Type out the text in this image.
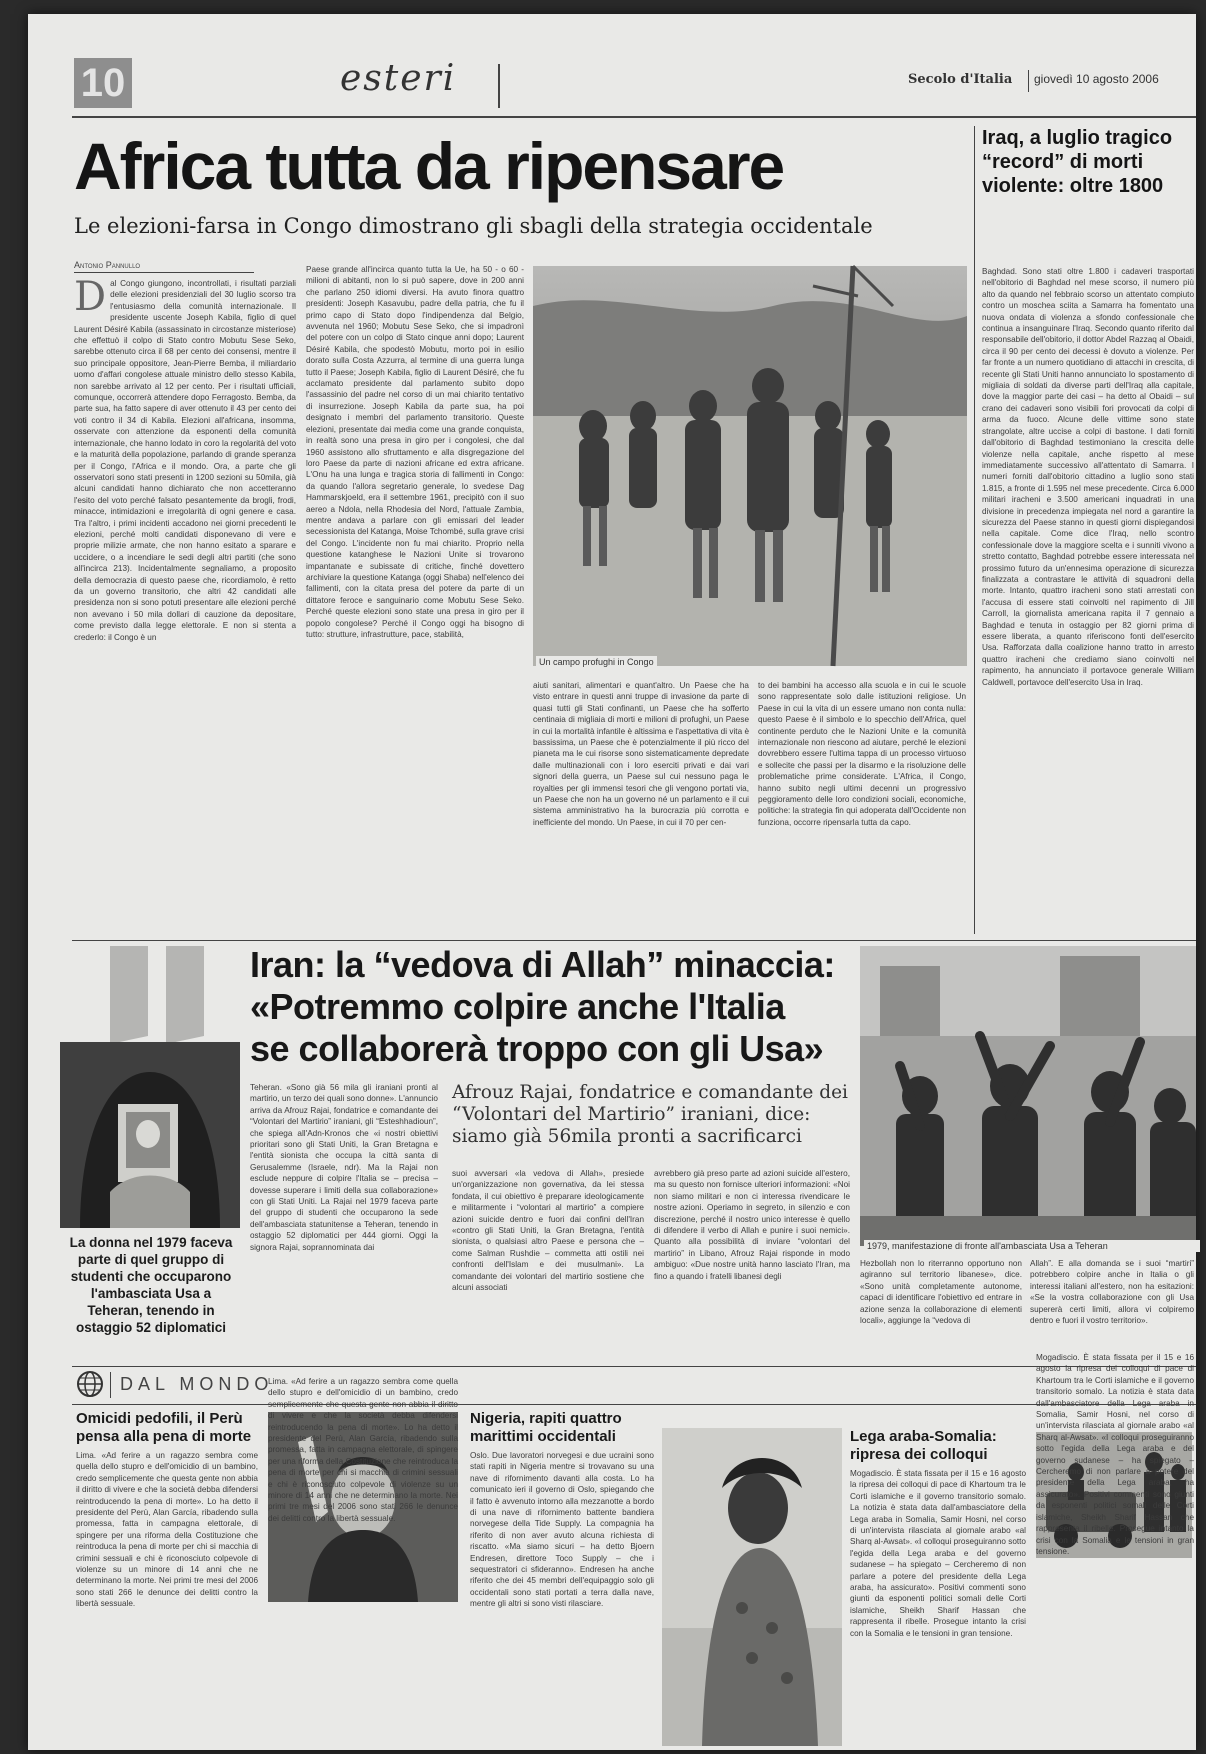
10	esteri	Secolo d'Italia giovedì 10 agosto 2006
Africa tutta da ripensare
Le elezioni-farsa in Congo dimostrano gli sbagli della strategia occidentale
Antonio Pannullo

Dal Congo giungono, incontrollati, i risultati parziali delle elezioni presidenziali del 30 luglio scorso tra l'entusiasmo della comunità internazionale. Il presidente uscente Joseph Kabila, figlio di quel Laurent Désiré Kabila (assassinato in circostanze misteriose) che effettuò il colpo di Stato contro Mobutu Sese Seko, sarebbe ottenuto circa il 68 per cento dei consensi, mentre il suo principale oppositore, Jean-Pierre Bemba, il miliardario uomo d'affari congolese attuale ministro dello stesso Kabila, non sarebbe arrivato al 12 per cento. Per i risultati ufficiali, comunque, occorrerà attendere dopo Ferragosto. Bemba, da parte sua, ha fatto sapere di aver ottenuto il 43 per cento dei voti contro il 34 di Kabila. Elezioni all'africana, insomma, osservate con attenzione da esponenti della comunità internazionale, che hanno lodato in coro la regolarità del voto e la maturità della popolazione, parlando di grande speranza per il Congo, l'Africa e il mondo. Ora, a parte che gli osservatori sono stati presenti in 1200 sezioni su 50mila, già alcuni candidati hanno dichiarato che non accetteranno l'esito del voto perché falsato pesantemente da brogli, frodi, minacce, intimidazioni e irregolarità di ogni genere e casa. Tra l'altro, i primi incidenti accadono nei giorni precedenti le elezioni, perché molti candidati disponevano di vere e proprie milizie armate, che non hanno esitato a sparare e uccidere, o a incendiare le sedi degli altri partiti (che sono all'incirca 213). Incidentalmente segnaliamo, a proposito della democrazia di questo paese che, ricordiamolo, è retto da un governo transitorio, che altri 42 candidati alle presidenza non si sono potuti presentare alle elezioni perché non avevano i 50 mila dollari di cauzione da depositare, come previsto dalla legge elettorale. E non si stenta a crederlo: il Congo è un

Paese grande all'incirca quanto tutta la Ue, ha 50 - o 60 - milioni di abitanti, non lo si può sapere, dove in 200 anni che parlano 250 idiomi diversi. Ha avuto finora quattro presidenti: Joseph Kasavubu, padre della patria, che fu il primo capo di Stato dopo l'indipendenza dal Belgio, avvenuta nel 1960; Mobutu Sese Seko, che si impadronì del potere con un colpo di Stato cinque anni dopo; Laurent Désiré Kabila, che spodestò Mobutu, morto poi in esilio dorato sulla Costa Azzurra, al termine di una guerra lunga tutto il Paese; Joseph Kabila, figlio di Laurent Désiré, che fu acclamato presidente dal parlamento subito dopo l'assassinio del padre nel corso di un mai chiarito tentativo di insurrezione. Joseph Kabila da parte sua, ha poi designato i membri del parlamento transitorio. Queste elezioni, presentate dai media come una grande conquista, in realtà sono una presa in giro per i congolesi, che dal 1960 assistono allo sfruttamento e alla disgregazione del loro Paese da parte di nazioni africane ed extra africane. L'Onu ha una lunga e tragica storia di fallimenti in Congo: da quando l'allora segretario generale, lo svedese Dag Hammarskjoeld, era il settembre 1961, precipitò con il suo aereo a Ndola, nella Rhodesia del Nord, l'attuale Zambia, mentre andava a parlare con gli emissari del leader secessionista del Katanga, Moise Tchombé, sulla grave crisi del Congo. L'incidente non fu mai chiarito. Proprio nella questione katanghese le Nazioni Unite si trovarono impantanate e subissate di critiche, finché dovettero archiviare la questione Katanga (oggi Shaba) nell'elenco dei fallimenti, con la citata presa del potere da parte di un dittatore feroce e sanguinario come Mobutu Sese Seko. Perché queste elezioni sono state una presa in giro per il popolo congolese? Perché il Congo oggi ha bisogno di tutto: strutture, infrastrutture, pace, stabilità,

aiuti sanitari, alimentari e quant'altro. Un Paese che ha visto entrare in questi anni truppe di invasione da parte di quasi tutti gli Stati confinanti, un Paese che ha sofferto centinaia di migliaia di morti e milioni di profughi, un Paese in cui la mortalità infantile è altissima e l'aspettativa di vita è bassissima, un Paese che è potenzialmente il più ricco del pianeta ma le cui risorse sono sistematicamente depredate dalle multinazionali con i loro eserciti privati e dai vari signori della guerra, un Paese sul cui nessuno paga le royalties per gli immensi tesori che gli vengono portati via, un Paese che non ha un governo né un parlamento e il cui sistema amministrativo ha la burocrazia più corrotta e inefficiente del mondo. Un Paese, in cui il 70 per cen-

to dei bambini ha accesso alla scuola e in cui le scuole sono rappresentate solo dalle istituzioni religiose. Un Paese in cui la vita di un essere umano non conta nulla: questo Paese è il simbolo e lo specchio dell'Africa, quel continente perduto che le Nazioni Unite e la comunità internazionale non riescono ad aiutare, perché le elezioni dovrebbero essere l'ultima tappa di un processo virtuoso e sollecite che passi per la disarmo e la risoluzione delle problematiche prime considerate. L'Africa, il Congo, hanno subito negli ultimi decenni un progressivo peggioramento delle loro condizioni sociali, economiche, politiche: la strategia fin qui adoperata dall'Occidente non funziona, occorre ripensarla tutta da capo.

Un campo profughi in Congo
Iraq, a luglio tragico “record” di morti violente: oltre 1800

Baghdad. Sono stati oltre 1.800 i cadaveri trasportati nell'obitorio di Baghdad nel mese scorso, il numero più alto da quando nel febbraio scorso un attentato compiuto contro un moschea sciita a Samarra ha fomentato una nuova ondata di violenza a sfondo confessionale che continua a insanguinare l'Iraq. Secondo quanto riferito dal responsabile dell'obitorio, il dottor Abdel Razzaq al Obaidi, circa il 90 per cento dei decessi è dovuto a violenze. Per far fronte a un numero quotidiano di attacchi in crescita, di recente gli Stati Uniti hanno annunciato lo spostamento di migliaia di soldati da diverse parti dell'Iraq alla capitale, dove la maggior parte dei casi – ha detto al Obaidi – sul crano dei cadaveri sono visibili fori provocati da colpi di arma da fuoco. Alcune delle vittime sono state strangolate, altre uccise a colpi di bastone. I dati forniti dall'obitorio di Baghdad testimoniano la crescita delle violenze nella capitale, anche rispetto al mese immediatamente successivo all'attentato di Samarra. I numeri forniti dall'obitorio cittadino a luglio sono stati 1.815, a fronte di 1.595 nel mese precedente. Circa 6.000 militari iracheni e 3.500 americani inquadrati in una divisione in precedenza impiegata nel nord a garantire la sicurezza del Paese stanno in questi giorni dispiegandosi nella capitale. Come dice l'Iraq, nello scontro confessionale dove la maggiore scelta e i sunniti vivono a stretto contatto, Baghdad potrebbe essere interessata nel prossimo futuro da un'ennesima operazione di sicurezza finalizzata a contrastare le attività di squadroni della morte. Intanto, quattro iracheni sono stati arrestati con l'accusa di essere stati coinvolti nel rapimento di Jill Carroll, la giornalista americana rapita il 7 gennaio a Baghdad e tenuta in ostaggio per 82 giorni prima di essere liberata, a quanto riferiscono fonti dell'esercito Usa. Rafforzata dalla coalizione hanno tratto in arresto quattro iracheni che crediamo siano coinvolti nel rapimento, ha annunciato il portavoce generale William Caldwell, portavoce dell'esercito Usa in Iraq.

La donna nel 1979 faceva parte di quel gruppo di studenti che occuparono l'ambasciata Usa a Teheran, tenendo in ostaggio 52 diplomatici
Iran: la “vedova di Allah” minaccia:
«Potremmo colpire anche l'Italia
se collaborerà troppo con gli Usa»

Teheran. «Sono già 56 mila gli iraniani pronti al martirio, un terzo dei quali sono donne». L'annuncio arriva da Afrouz Rajai, fondatrice e comandante dei “Volontari del Martirio” iraniani, gli “Esteshhadioun”, che spiega all'Adn-Kronos che «i nostri obiettivi prioritari sono gli Stati Uniti, la Gran Bretagna e l'entità sionista che occupa la città santa di Gerusalemme (Israele, ndr). Ma la Rajai non esclude neppure di colpire l'Italia se – precisa – dovesse superare i limiti della sua collaborazione» con gli Stati Uniti. La Rajai nel 1979 faceva parte del gruppo di studenti che occuparono la sede dell'ambasciata statunitense a Teheran, tenendo in ostaggio 52 diplomatici per 444 giorni. Oggi la signora Rajai, soprannominata dai

Afrouz Rajai, fondatrice e comandante dei “Volontari del Martirio” iraniani, dice: siamo già 56mila pronti a sacrificarci

suoi avversari «la vedova di Allah», presiede un'organizzazione non governativa, da lei stessa fondata, il cui obiettivo è preparare ideologicamente e militarmente i “volontari al martirio” a compiere azioni suicide dentro e fuori dai confini dell'Iran «contro gli Stati Uniti, la Gran Bretagna, l'entità sionista, o qualsiasi altro Paese e persona che – come Salman Rushdie – commetta atti ostili nei confronti dell'Islam e dei musulmani». La comandante dei volontari del martirio sostiene che alcuni associati

avrebbero già preso parte ad azioni suicide all'estero, ma su questo non fornisce ulteriori informazioni: «Noi non siamo militari e non ci interessa rivendicare le nostre azioni. Operiamo in segreto, in silenzio e con discrezione, perché il nostro unico interesse è quello di difendere il verbo di Allah e punire i suoi nemici». Quanto alla possibilità di inviare “volontari del martirio” in Libano, Afrouz Rajai risponde in modo ambiguo: «Due nostre unità hanno lasciato l'Iran, ma fino a quando i fratelli libanesi degli

1979, manifestazione di fronte all'ambasciata Usa a Teheran

Hezbollah non lo riterranno opportuno non agiranno sul territorio libanese», dice. «Sono unità completamente autonome, capaci di identificare l'obiettivo ed entrare in azione senza la collaborazione di elementi locali», aggiunge la “vedova di

Allah”. E alla domanda se i suoi “martiri” potrebbero colpire anche in Italia o gli interessi italiani all'estero, non ha esitazioni: «Se la vostra collaborazione con gli Usa supererà certi limiti, allora vi colpiremo dentro e fuori il vostro territorio».

DAL MONDO
Omicidi pedofili, il Perù pensa alla pena di morte

Lima. «Ad ferire a un ragazzo sembra come quella dello stupro e dell'omicidio di un bambino, credo semplicemente che questa gente non abbia il diritto di vivere e che la società debba difendersi reintroducendo la pena di morte». Lo ha detto il presidente del Perù, Alan García, ribadendo sulla promessa, fatta in campagna elettorale, di spingere per una riforma della Costituzione che reintroduca la pena di morte per chi si macchia di crimini sessuali e chi è riconosciuto colpevole di violenze su un minore di 14 anni che ne determinano la morte. Nei primi tre mesi del 2006 sono stati 266 le denunce dei delitti contro la libertà sessuale.

Lima. «Ad ferire a un ragazzo sembra come quella dello stupro e dell'omicidio di un bambino, credo semplicemente che questa gente non abbia il diritto di vivere e che la società debba difendersi reintroducendo la pena di morte». Lo ha detto il presidente del Perù, Alan García, ribadendo sulla promessa, fatta in campagna elettorale, di spingere per una riforma della Costituzione che reintroduca la pena di morte per chi si macchia di crimini sessuali e chi è riconosciuto colpevole di violenze su un minore di 14 anni che ne determinano la morte. Nei primi tre mesi del 2006 sono stati 266 le denunce dei delitti contro la libertà sessuale.

Nigeria, rapiti quattro marittimi occidentali

Oslo. Due lavoratori norvegesi e due ucraini sono stati rapiti in Nigeria mentre si trovavano su una nave di rifornimento davanti alla costa. Lo ha comunicato ieri il governo di Oslo, spiegando che il fatto è avvenuto intorno alla mezzanotte a bordo di una nave di rifornimento battente bandiera norvegese della Tide Supply. La compagnia ha riferito di non aver avuto alcuna richiesta di riscatto. «Ma siamo sicuri – ha detto Bjoern Endresen, direttore Toco Supply – che i sequestratori ci sfideranno». Endresen ha anche riferito che dei 45 membri dell'equipaggio solo gli occidentali sono stati portati a terra dalla nave, mentre gli altri si sono visti rilasciare.

Lega araba-Somalia: ripresa dei colloqui

Mogadiscio. È stata fissata per il 15 e 16 agosto la ripresa dei colloqui di pace di Khartoum tra le Corti islamiche e il governo transitorio somalo. La notizia è stata data dall'ambasciatore della Lega araba in Somalia, Samir Hosni, nel corso di un'intervista rilasciata al giornale arabo «al Sharq al-Awsat». «I colloqui proseguiranno sotto l'egida della Lega araba e del governo sudanese – ha spiegato – Cercheremo di non parlare a potere del presidente della Lega araba, ha assicurato». Positivi commenti sono giunti da esponenti politici somali delle Corti islamiche, Sheikh Sharif Hassan che rappresenta il ribelle. Prosegue intanto la crisi con la Somalia e le tensioni in gran tensione.

Mogadiscio. È stata fissata per il 15 e 16 agosto la ripresa dei colloqui di pace di Khartoum tra le Corti islamiche e il governo transitorio somalo. La notizia è stata data dall'ambasciatore della Lega araba in Somalia, Samir Hosni, nel corso di un'intervista rilasciata al giornale arabo «al Sharq al-Awsat». «I colloqui proseguiranno sotto l'egida della Lega araba e del governo sudanese – ha spiegato – Cercheremo di non parlare a potere del presidente della Lega araba, ha assicurato». Positivi commenti sono giunti da esponenti politici somali delle Corti islamiche, Sheikh Sharif Hassan che rappresenta il ribelle. Prosegue intanto la crisi con la Somalia e le tensioni in gran tensione.
